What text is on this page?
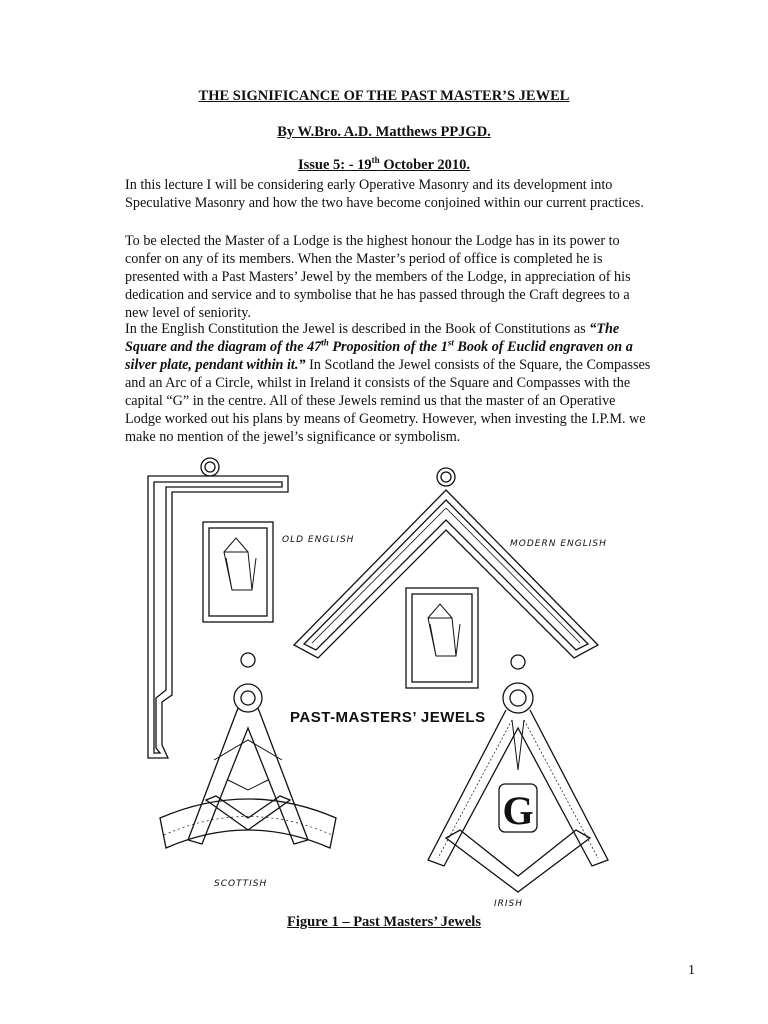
THE SIGNIFICANCE OF THE PAST MASTER’S JEWEL
By W.Bro. A.D. Matthews PPJGD.
Issue 5: - 19th October 2010.

In this lecture I will be considering early Operative Masonry and its development into Speculative Masonry and how the two have become conjoined within our current practices.

To be elected the Master of a Lodge is the highest honour the Lodge has in its power to confer on any of its members. When the Master’s period of office is completed he is presented with a Past Masters’ Jewel by the members of the Lodge, in appreciation of his dedication and service and to symbolise that he has passed through the Craft degrees to a new level of seniority.

In the English Constitution the Jewel is described in the Book of Constitutions as “The Square and the diagram of the 47th Proposition of the 1st Book of Euclid engraven on a silver plate, pendant within it.” In Scotland the Jewel consists of the Square, the Compasses and an Arc of a Circle, whilst in Ireland it consists of the Square and Compasses with the capital “G” in the centre. All of these Jewels remind us that the master of an Operative Lodge worked out his plans by means of Geometry. However, when investing the I.P.M. we make no mention of the jewel’s significance or symbolism.

OLD ENGLISH	MODERN ENGLISH
SCOTTISH
PAST-MASTERS’ JEWELS
G
IRISH
Figure 1 – Past Masters’ Jewels
1
